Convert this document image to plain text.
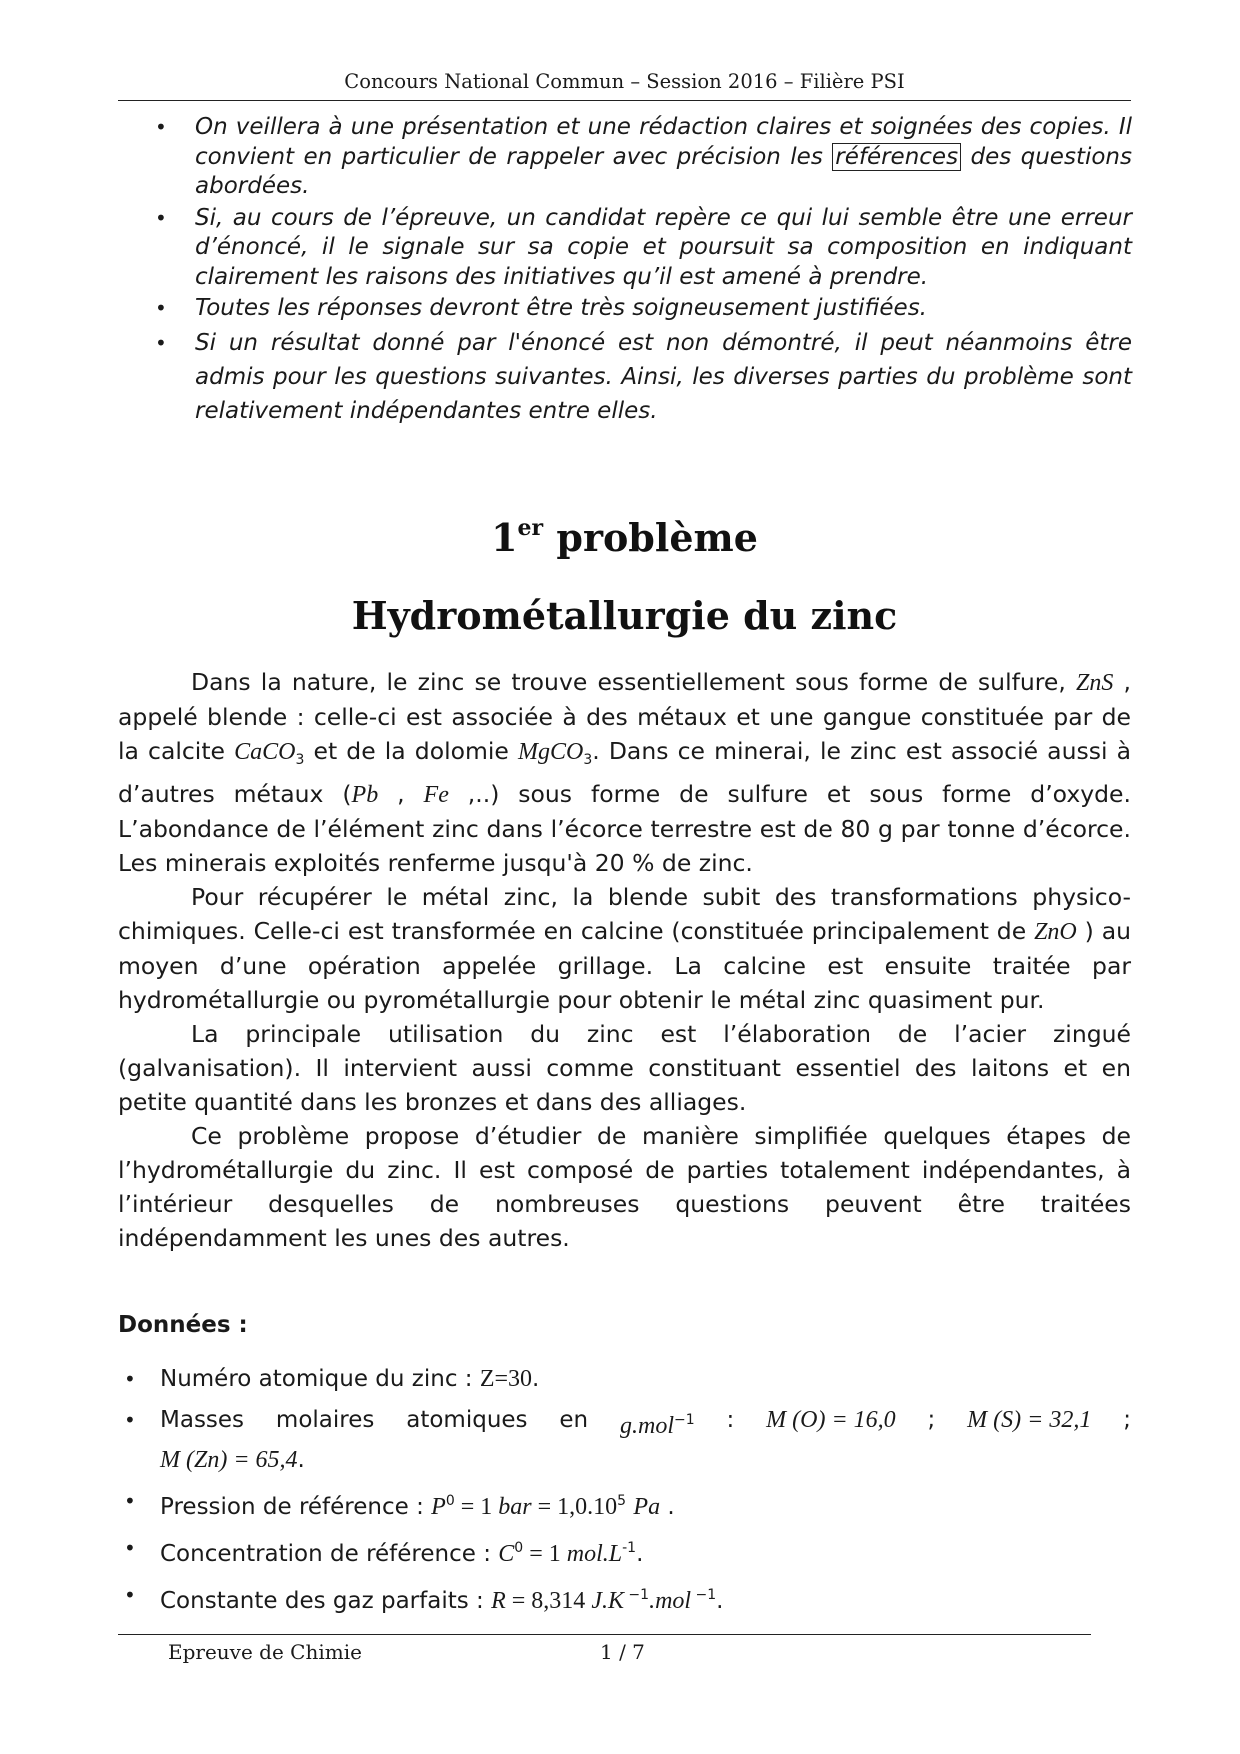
Concours National Commun – Session 2016 – Filière PSI
• On veillera à une présentation et une rédaction claires et soignées des copies. Il convient en particulier de rappeler avec précision les références des questions abordées.
• Si, au cours de l’épreuve, un candidat repère ce qui lui semble être une erreur d’énoncé, il le signale sur sa copie et poursuit sa composition en indiquant clairement les raisons des initiatives qu’il est amené à prendre.
• Toutes les réponses devront être très soigneusement justifiées.
• Si un résultat donné par l'énoncé est non démontré, il peut néanmoins être admis pour les questions suivantes. Ainsi, les diverses parties du problème sont relativement indépendantes entre elles.
1er problème
Hydrométallurgie du zinc

Dans la nature, le zinc se trouve essentiellement sous forme de sulfure, ZnS , appelé blende : celle-ci est associée à des métaux et une gangue constituée par de la calcite CaCO$_3$ et de la dolomie MgCO$_3$. Dans ce minerai, le zinc est associé aussi à d’autres métaux (Pb , Fe ,..) sous forme de sulfure et sous forme d’oxyde. L’abondance de l’élément zinc dans l’écorce terrestre est de 80 g par tonne d’écorce. Les minerais exploités renferme jusqu'à 20 % de zinc.

Pour récupérer le métal zinc, la blende subit des transformations physico-chimiques. Celle-ci est transformée en calcine (constituée principalement de ZnO ) au moyen d’une opération appelée grillage. La calcine est ensuite traitée par hydrométallurgie ou pyrométallurgie pour obtenir le métal zinc quasiment pur.

La principale utilisation du zinc est l’élaboration de l’acier zingué (galvanisation). Il intervient aussi comme constituant essentiel des laitons et en petite quantité dans les bronzes et dans des alliages.

Ce problème propose d’étudier de manière simplifiée quelques étapes de l’hydrométallurgie du zinc. Il est composé de parties totalement indépendantes, à l’intérieur desquelles de nombreuses questions peuvent être traitées indépendamment les unes des autres.

Données :
• Numéro atomique du zinc : Z=30.
• Masses molaires atomiques en g.mol$^{-1}$ : M (O) = 16,0 ; M (S) = 32,1 ;
M (Zn) = 65,4.
• Pression de référence : $P^0 = 1$ bar = $1,0.10^5$ Pa .
• Concentration de référence : $C^0 = 1$ $mol.L^{-1}$.
• Constante des gaz parfaits : R = 8,314 J.K $^{-1}$.mol $^{-1}$.
Epreuve de Chimie	1 / 7
